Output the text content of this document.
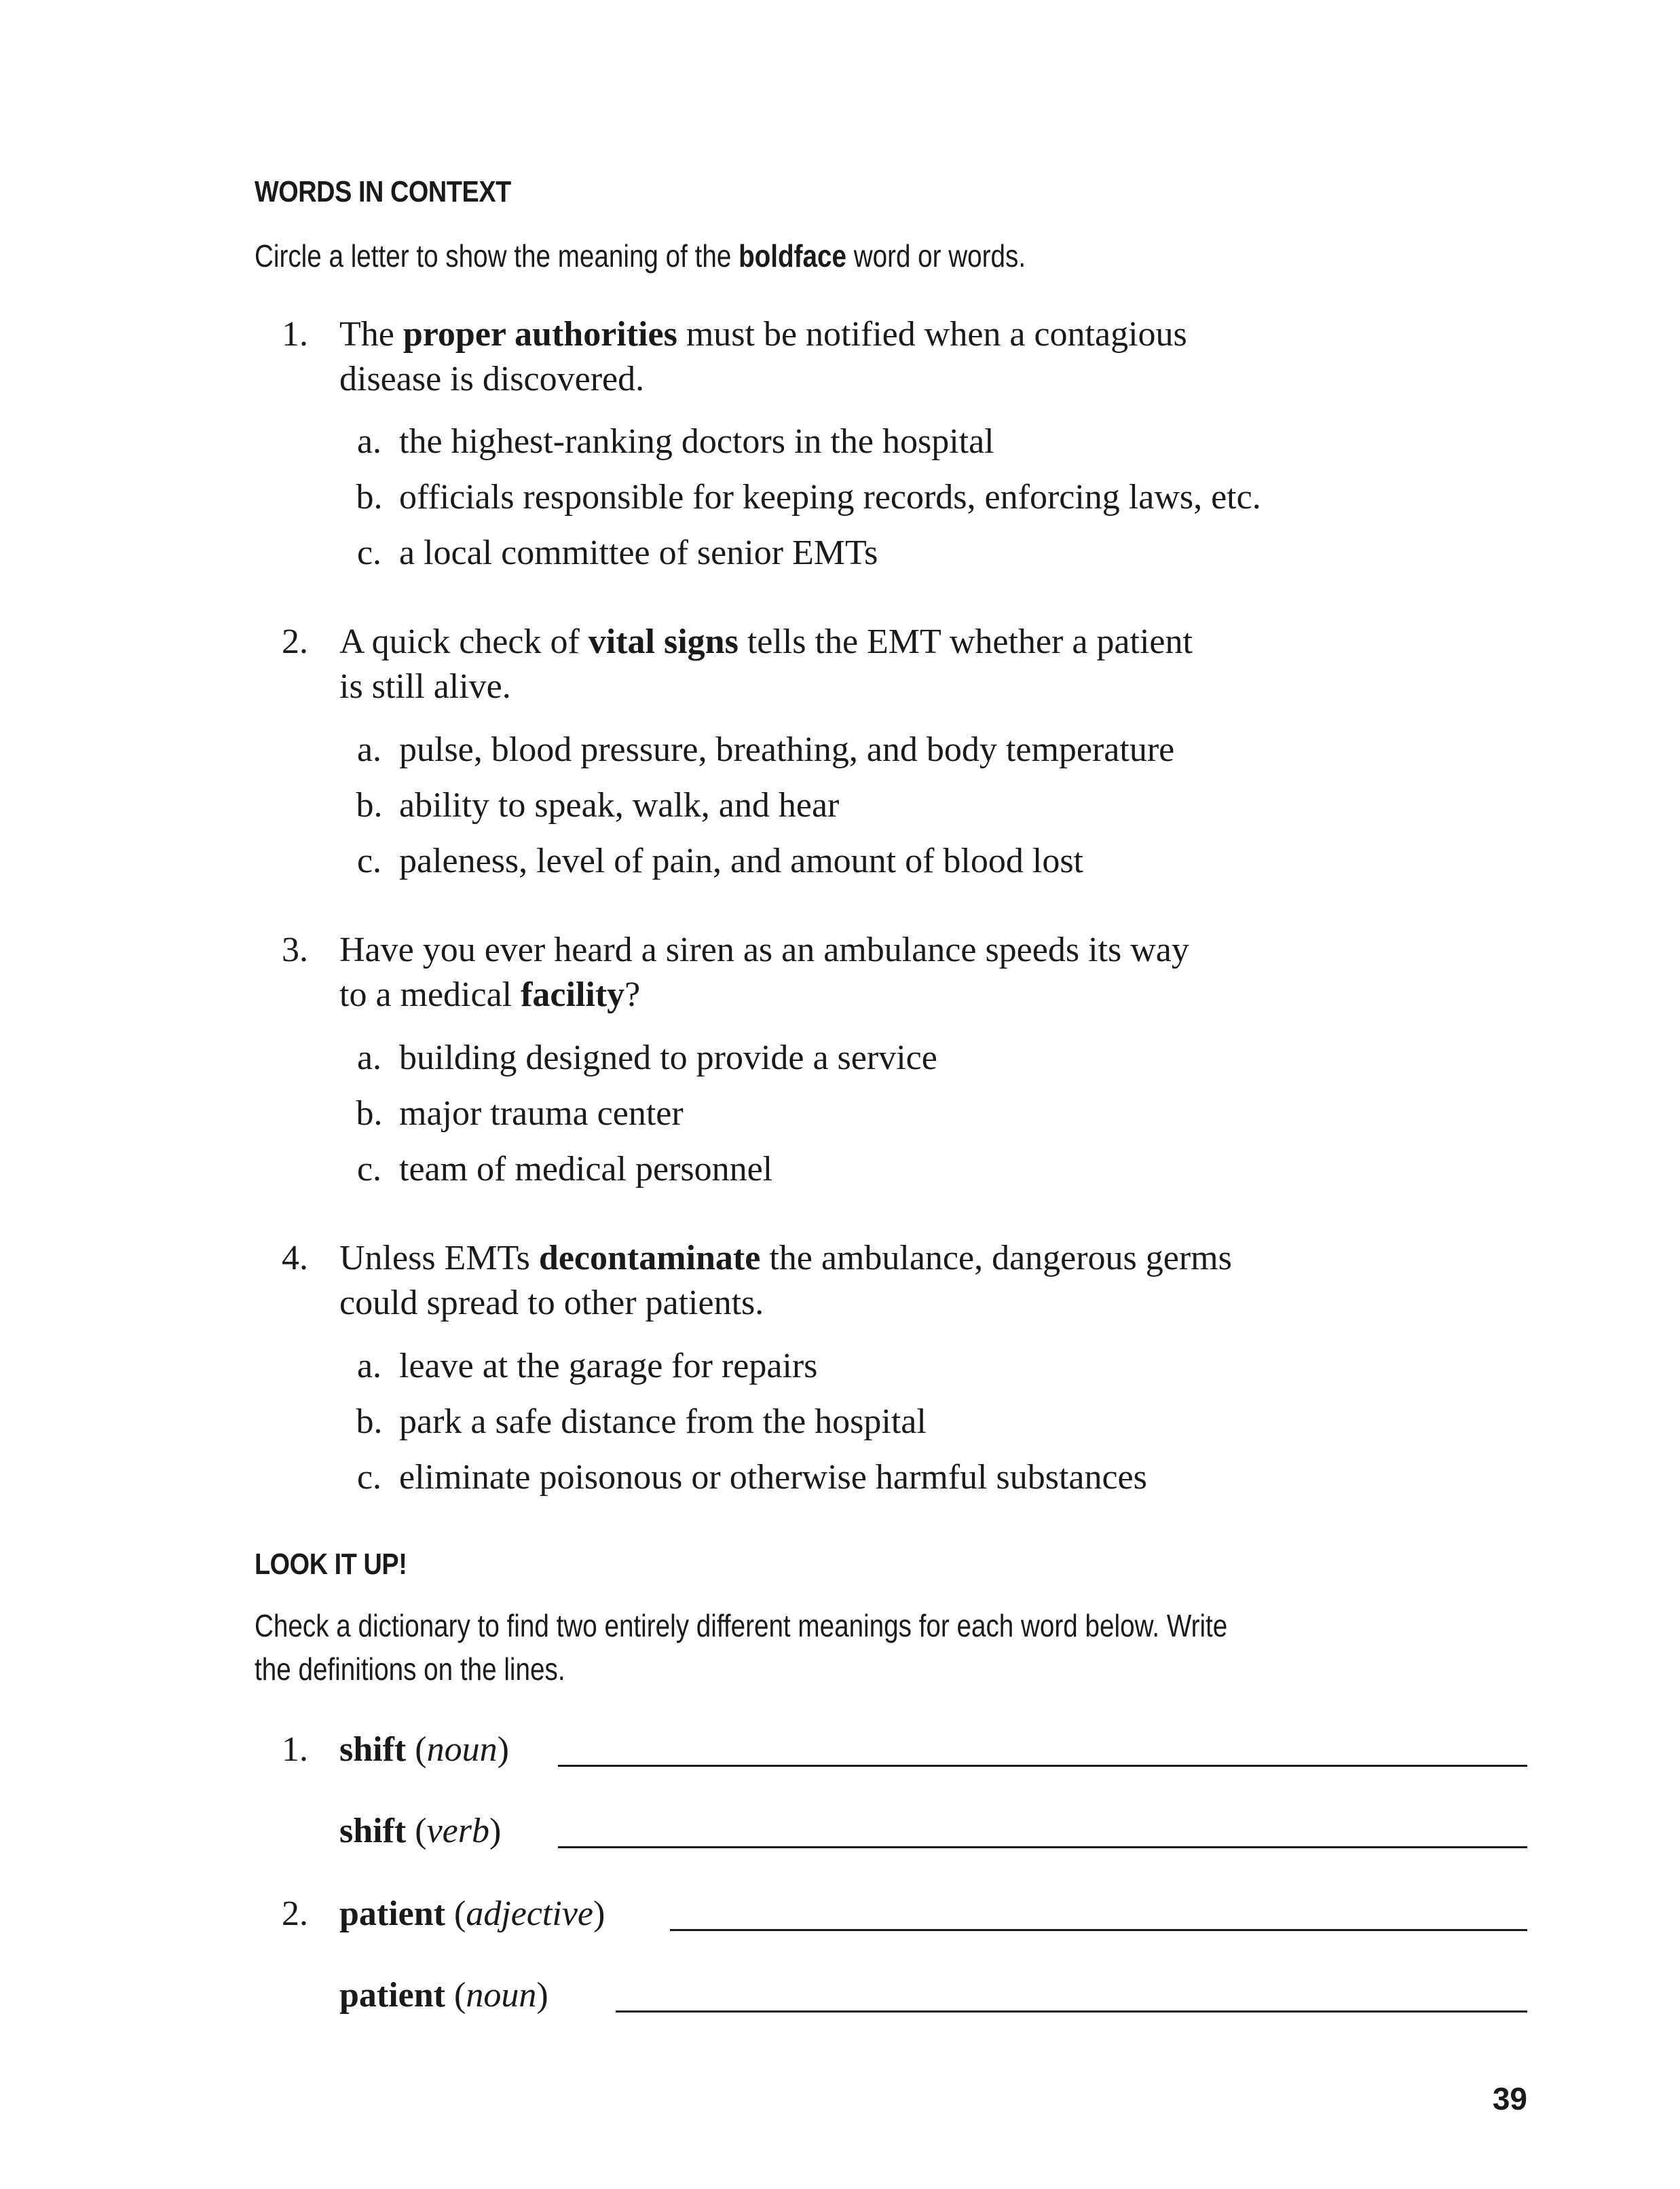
WORDS IN CONTEXT
Circle a letter to show the meaning of the boldface word or words.
1. The proper authorities must be notified when a contagious
disease is discovered.
a. the highest-ranking doctors in the hospital
b. officials responsible for keeping records, enforcing laws, etc.
c. a local committee of senior EMTs
2. A quick check of vital signs tells the EMT whether a patient
is still alive.
a. pulse, blood pressure, breathing, and body temperature
b. ability to speak, walk, and hear
c. paleness, level of pain, and amount of blood lost
3. Have you ever heard a siren as an ambulance speeds its way
to a medical facility?
a. building designed to provide a service
b. major trauma center
c. team of medical personnel
4. Unless EMTs decontaminate the ambulance, dangerous germs
could spread to other patients.
a. leave at the garage for repairs
b. park a safe distance from the hospital
c. eliminate poisonous or otherwise harmful substances
LOOK IT UP!
Check a dictionary to find two entirely different meanings for each word below. Write
the definitions on the lines.
1. shift (noun)
shift (verb)
2. patient (adjective)
patient (noun)
39
